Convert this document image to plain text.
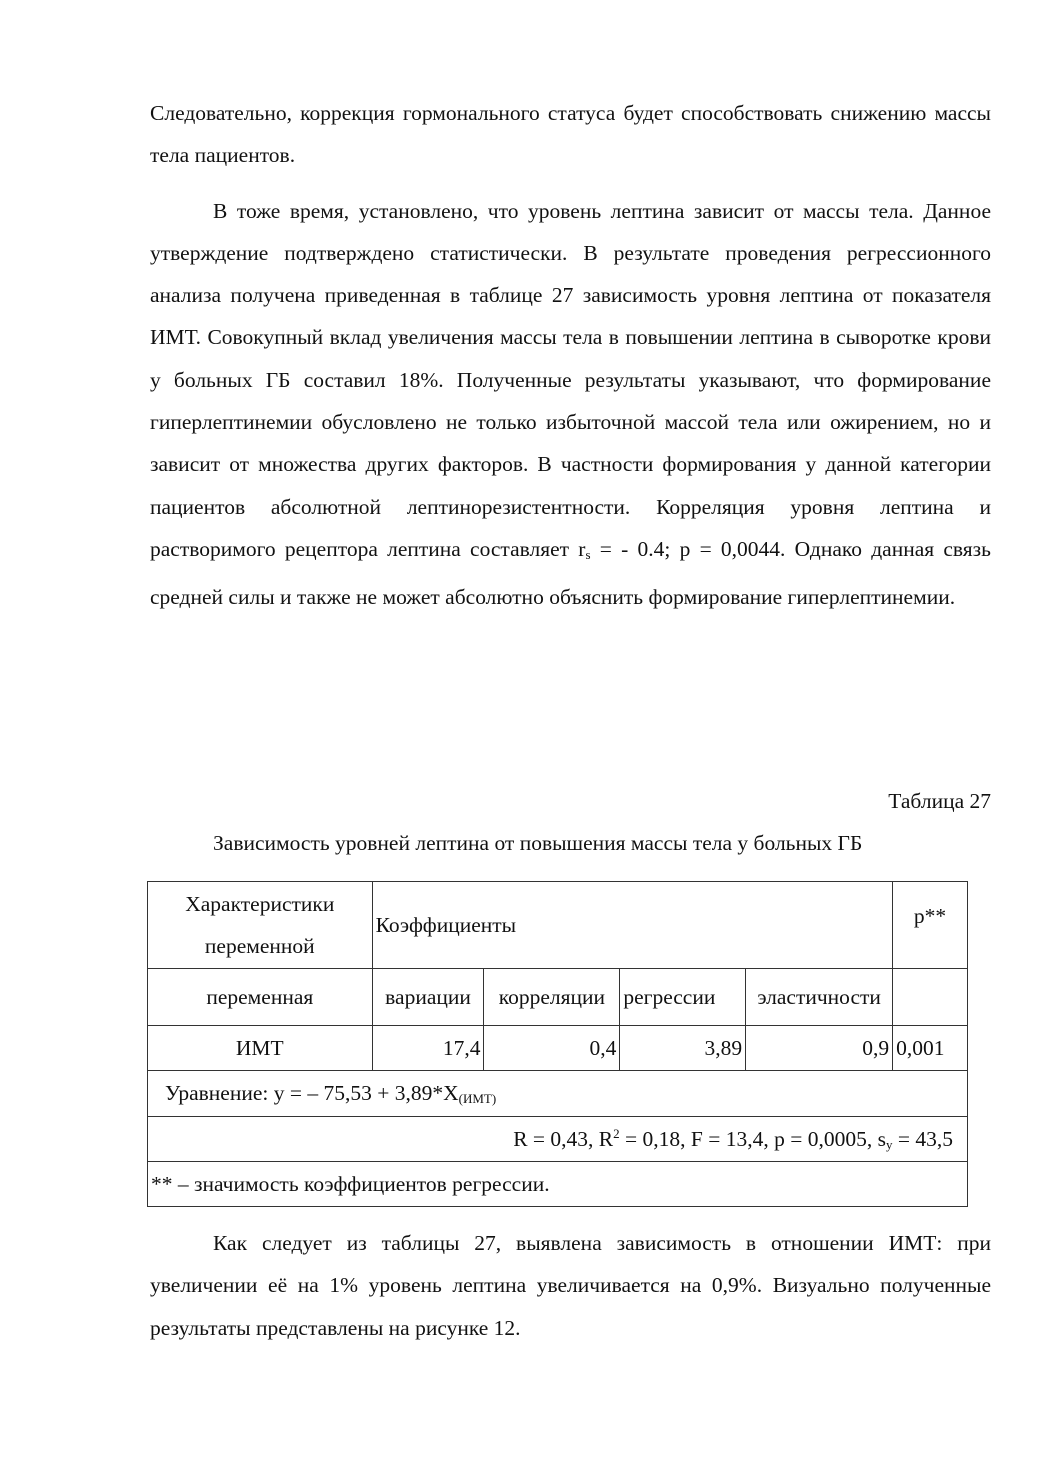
Следовательно, коррекция гормонального статуса будет способствовать снижению массы тела пациентов.

В тоже время, установлено, что уровень лептина зависит от массы тела. Данное утверждение подтверждено статистически. В результате проведения регрессионного анализа получена приведенная в таблице 27 зависимость уровня лептина от показателя ИМТ. Совокупный вклад увеличения массы тела в повышении лептина в сыворотке крови у больных ГБ составил 18%. Полученные результаты указывают, что формирование гиперлептинемии обусловлено не только избыточной массой тела или ожирением, но и зависит от множества других факторов. В частности формирования у данной категории пациентов абсолютной лептинорезистентности. Корреляция уровня лептина и растворимого рецептора лептина составляет $r_s$ = - 0.4; p = 0,0044. Однако данная связь средней силы и также не может абсолютно объяснить формирование гиперлептинемии.

Таблица 27
Зависимость уровней лептина от повышения массы тела у больных ГБ
Характеристики переменной	Коэффициенты				р**
переменная	вариации	корреляции	регрессии	эластичности	
ИМТ	17,4	0,4	3,89	0,9	0,001
Уравнение: y = – $75,53 + 3,89*X_{(ИМТ)}$
R = 0,43, $R^2 = 0,18$, F = 13,4, p = 0,0005, $s_y = 43,5$					
** – значимость коэффициентов регрессии.					

Как следует из таблицы 27, выявлена зависимость в отношении ИМТ: при увеличении её на 1% уровень лептина увеличивается на 0,9%. Визуально полученные результаты представлены на рисунке 12.
